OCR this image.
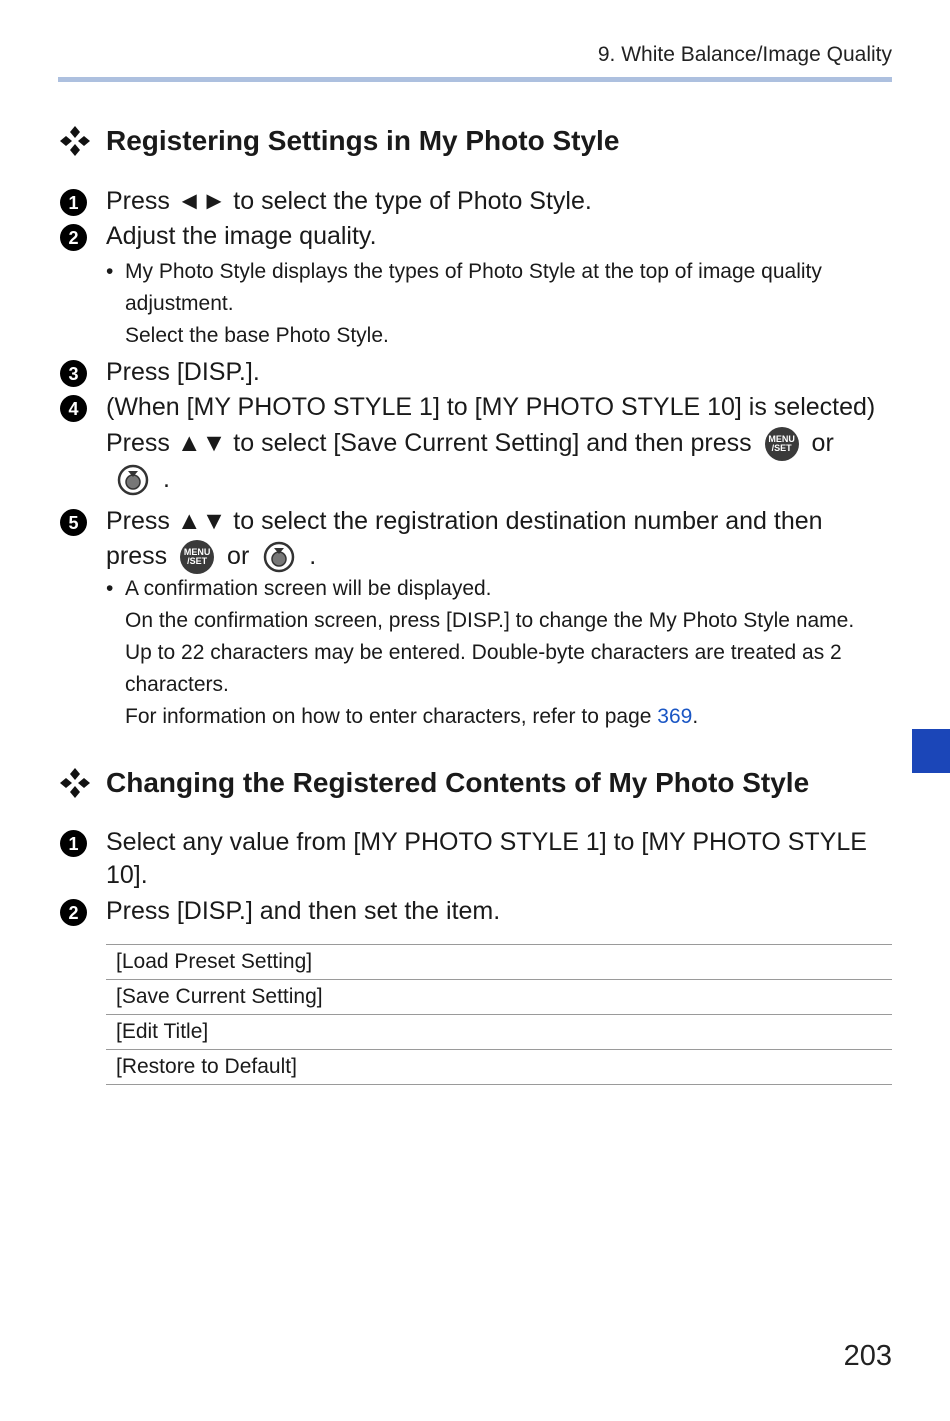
9. White Balance/Image Quality
Registering Settings in My Photo Style
1	Press ◄► to select the type of Photo Style.
2	Adjust the image quality.
• My Photo Style displays the types of Photo Style at the top of image quality
adjustment.
Select the base Photo Style.
3	Press [DISP.].
4	(When [MY PHOTO STYLE 1] to [MY PHOTO STYLE 10] is selected)
Press ▲▼ to select [Save Current Setting] and then press MENU
/SET or
.
5	Press ▲▼ to select the registration destination number and then
press MENU
/SET or .
• A confirmation screen will be displayed.
On the confirmation screen, press [DISP.] to change the My Photo Style name.
Up to 22 characters may be entered. Double-byte characters are treated as 2
characters.
For information on how to enter characters, refer to page 369.
Changing the Registered Contents of My Photo Style
1	Select any value from [MY PHOTO STYLE 1] to [MY PHOTO STYLE
10].
2	Press [DISP.] and then set the item.
[Load Preset Setting]
[Save Current Setting]
[Edit Title]
[Restore to Default]
203
